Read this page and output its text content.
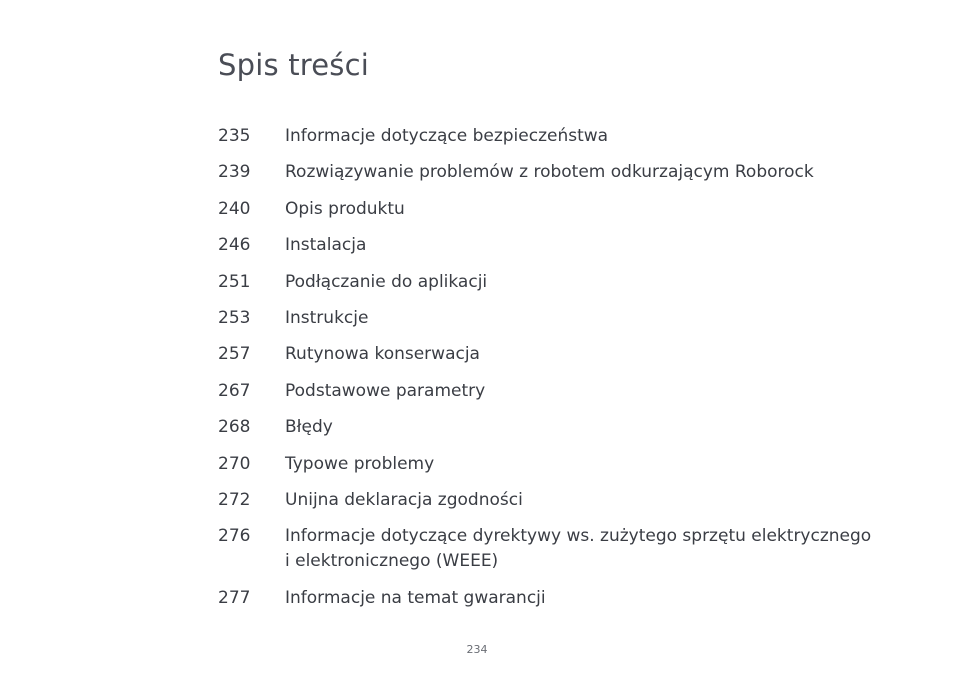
Spis treści
235	Informacje dotyczące bezpieczeństwa
239	Rozwiązywanie problemów z robotem odkurzającym Roborock
240	Opis produktu
246	Instalacja
251	Podłączanie do aplikacji
253	Instrukcje
257	Rutynowa konserwacja
267	Podstawowe parametry
268	Błędy
270	Typowe problemy
272	Unijna deklaracja zgodności
276	Informacje dotyczące dyrektywy ws. zużytego sprzętu elektrycznego
i elektronicznego (WEEE)
277	Informacje na temat gwarancji
234
